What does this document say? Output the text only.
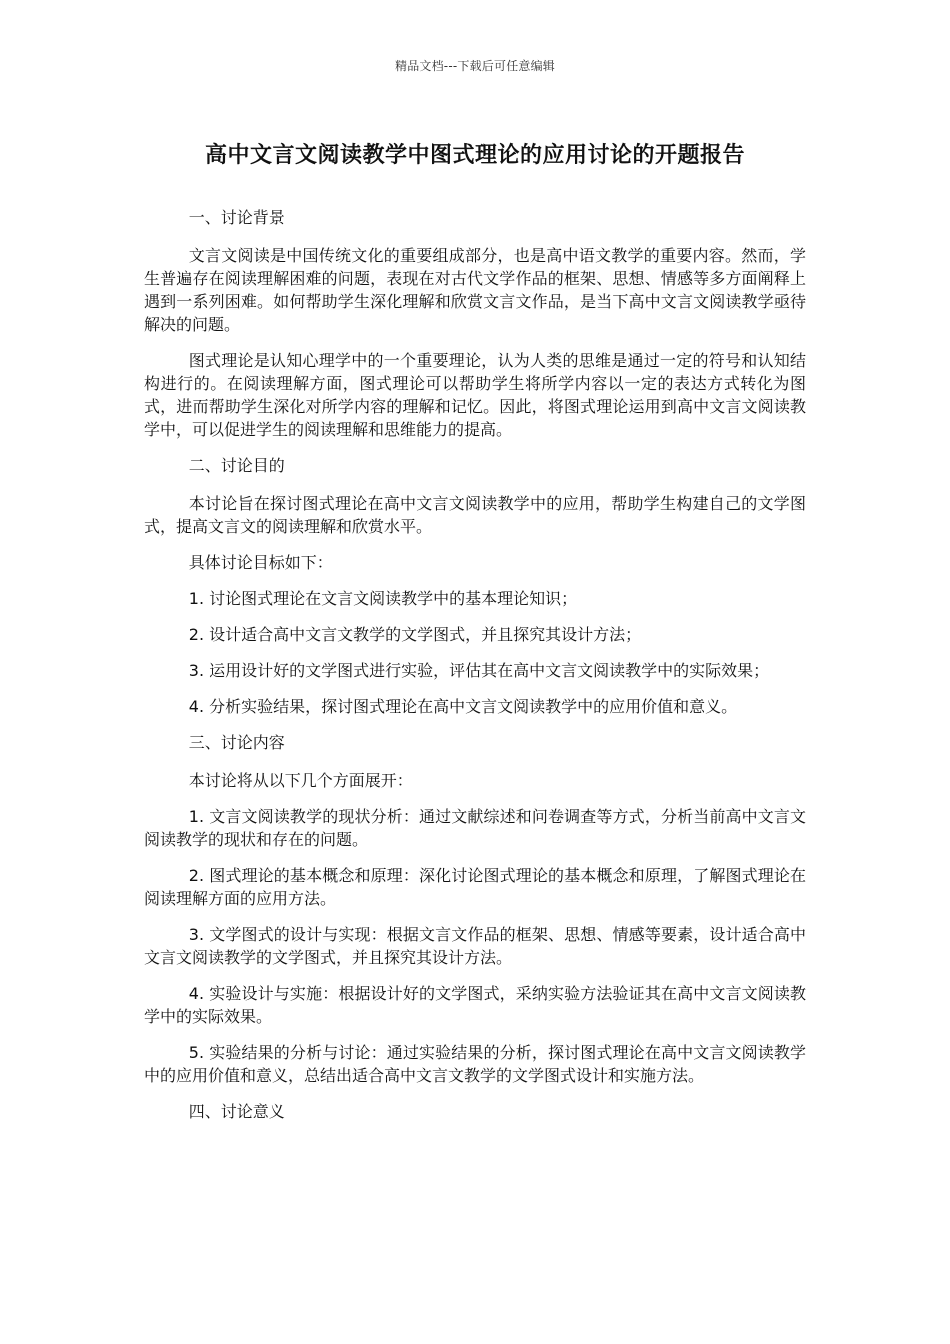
精品文档---下载后可任意编辑
高中文言文阅读教学中图式理论的应用讨论的开题报告

一、讨论背景

文言文阅读是中国传统文化的重要组成部分，也是高中语文教学的重要内容。然而，学生普遍存在阅读理解困难的问题，表现在对古代文学作品的框架、思想、情感等多方面阐释上遇到一系列困难。如何帮助学生深化理解和欣赏文言文作品，是当下高中文言文阅读教学亟待解决的问题。

图式理论是认知心理学中的一个重要理论，认为人类的思维是通过一定的符号和认知结构进行的。在阅读理解方面，图式理论可以帮助学生将所学内容以一定的表达方式转化为图式，进而帮助学生深化对所学内容的理解和记忆。因此，将图式理论运用到高中文言文阅读教学中，可以促进学生的阅读理解和思维能力的提高。

二、讨论目的

本讨论旨在探讨图式理论在高中文言文阅读教学中的应用，帮助学生构建自己的文学图式，提高文言文的阅读理解和欣赏水平。

具体讨论目标如下：

1. 讨论图式理论在文言文阅读教学中的基本理论知识；

2. 设计适合高中文言文教学的文学图式，并且探究其设计方法；

3. 运用设计好的文学图式进行实验，评估其在高中文言文阅读教学中的实际效果；

4. 分析实验结果，探讨图式理论在高中文言文阅读教学中的应用价值和意义。

三、讨论内容

本讨论将从以下几个方面展开：

1. 文言文阅读教学的现状分析：通过文献综述和问卷调查等方式，分析当前高中文言文阅读教学的现状和存在的问题。

2. 图式理论的基本概念和原理：深化讨论图式理论的基本概念和原理，了解图式理论在阅读理解方面的应用方法。

3. 文学图式的设计与实现：根据文言文作品的框架、思想、情感等要素，设计适合高中文言文阅读教学的文学图式，并且探究其设计方法。

4. 实验设计与实施：根据设计好的文学图式，采纳实验方法验证其在高中文言文阅读教学中的实际效果。

5. 实验结果的分析与讨论：通过实验结果的分析，探讨图式理论在高中文言文阅读教学中的应用价值和意义，总结出适合高中文言文教学的文学图式设计和实施方法。

四、讨论意义
